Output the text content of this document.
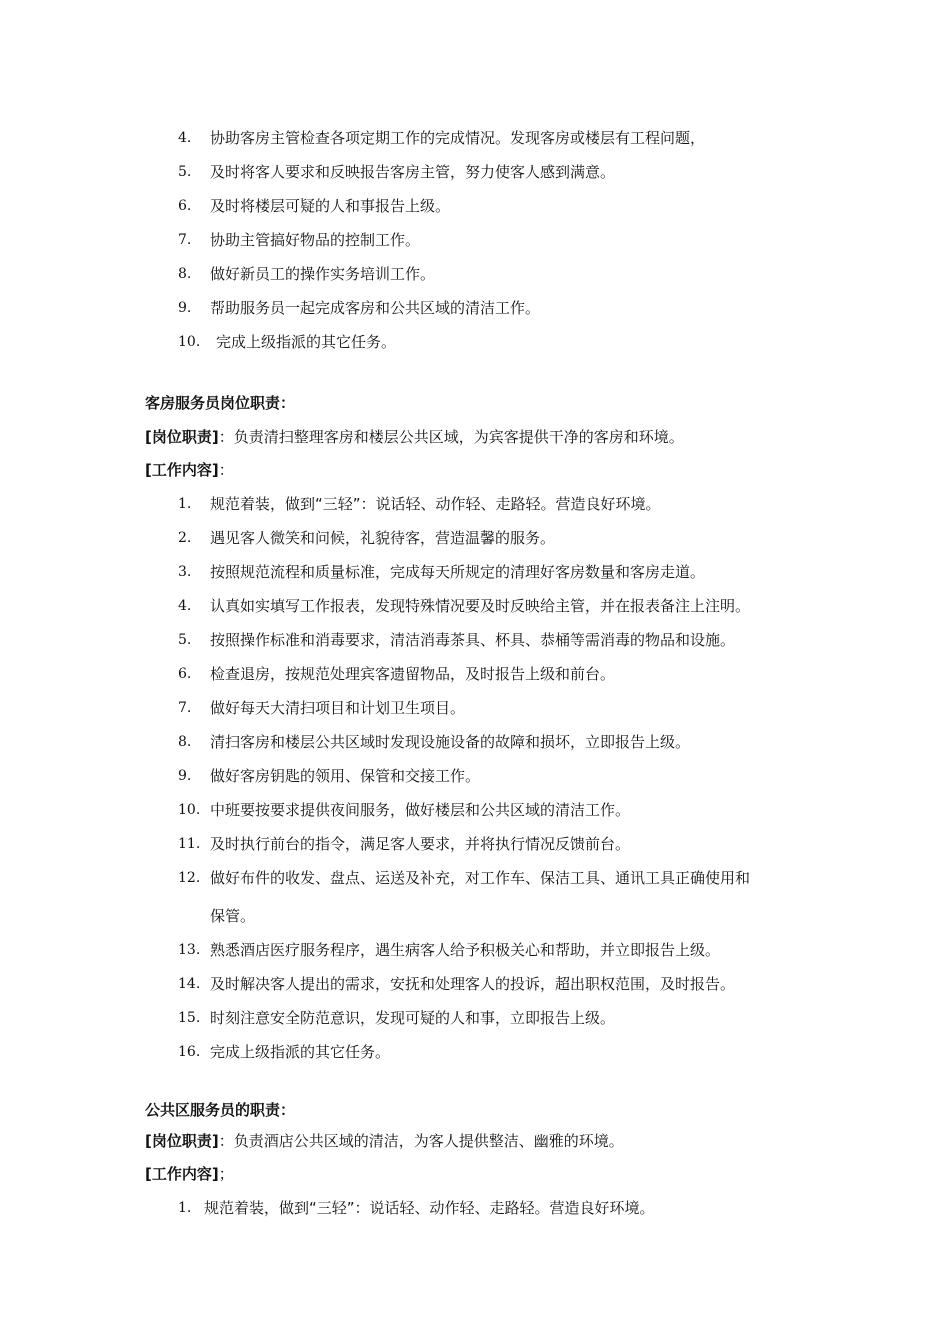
4. 协助客房主管检查各项定期工作的完成情况。发现客房或楼层有工程问题，
5. 及时将客人要求和反映报告客房主管，努力使客人感到满意。
6. 及时将楼层可疑的人和事报告上级。
7. 协助主管搞好物品的控制工作。
8. 做好新员工的操作实务培训工作。
9. 帮助服务员一起完成客房和公共区域的清洁工作。
10. 完成上级指派的其它任务。
客房服务员岗位职责：
[岗位职责]：负责清扫整理客房和楼层公共区域，为宾客提供干净的客房和环境。
[工作内容]：
1. 规范着装，做到“三轻”：说话轻、动作轻、走路轻。营造良好环境。
2. 遇见客人微笑和问候，礼貌待客，营造温馨的服务。
3. 按照规范流程和质量标准，完成每天所规定的清理好客房数量和客房走道。
4. 认真如实填写工作报表，发现特殊情况要及时反映给主管，并在报表备注上注明。
5. 按照操作标准和消毒要求，清洁消毒茶具、杯具、恭桶等需消毒的物品和设施。
6. 检查退房，按规范处理宾客遗留物品，及时报告上级和前台。
7. 做好每天大清扫项目和计划卫生项目。
8. 清扫客房和楼层公共区域时发现设施设备的故障和损坏，立即报告上级。
9. 做好客房钥匙的领用、保管和交接工作。
10. 中班要按要求提供夜间服务，做好楼层和公共区域的清洁工作。
11. 及时执行前台的指令，满足客人要求，并将执行情况反馈前台。
12. 做好布件的收发、盘点、运送及补充，对工作车、保洁工具、通讯工具正确使用和
保管。
13. 熟悉酒店医疗服务程序，遇生病客人给予积极关心和帮助，并立即报告上级。
14. 及时解决客人提出的需求，安抚和处理客人的投诉，超出职权范围，及时报告。
15. 时刻注意安全防范意识，发现可疑的人和事，立即报告上级。
16. 完成上级指派的其它任务。
公共区服务员的职责：
[岗位职责]：负责酒店公共区域的清洁，为客人提供整洁、幽雅的环境。
[工作内容]；
1. 规范着装，做到“三轻”：说话轻、动作轻、走路轻。营造良好环境。
